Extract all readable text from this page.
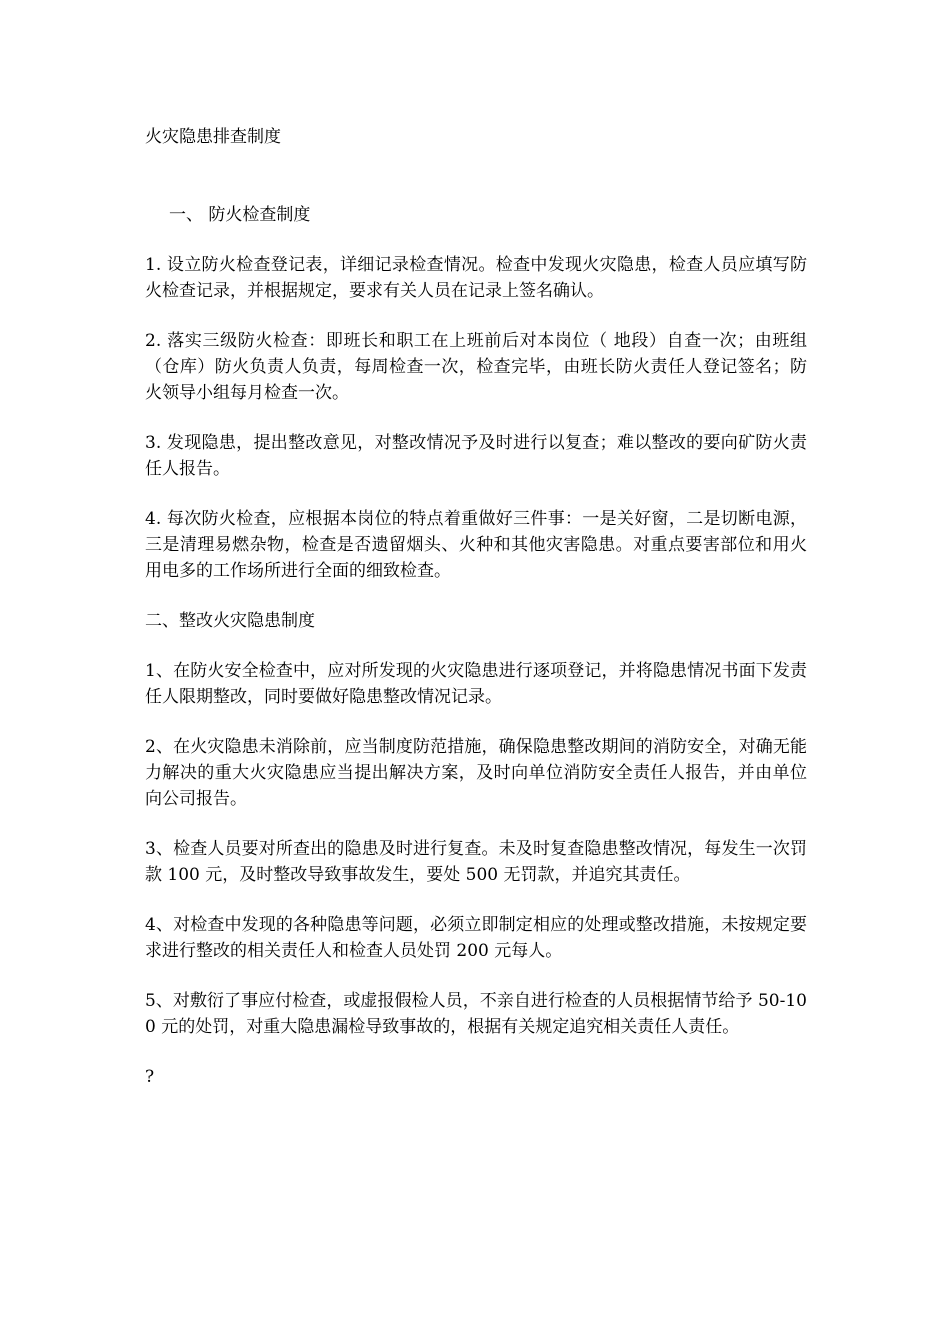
火灾隐患排查制度
一、 防火检查制度

1. 设立防火检查登记表，详细记录检查情况。检查中发现火灾隐患，检查人员应填写防火检查记录，并根据规定，要求有关人员在记录上签名确认。

2. 落实三级防火检查：即班长和职工在上班前后对本岗位（ 地段）自查一次；由班组（仓库）防火负责人负责，每周检查一次，检查完毕，由班长防火责任人登记签名；防火领导小组每月检查一次。

3. 发现隐患，提出整改意见，对整改情况予及时进行以复查；难以整改的要向矿防火责任人报告。

4. 每次防火检查，应根据本岗位的特点着重做好三件事：一是关好窗，二是切断电源，三是清理易燃杂物，检查是否遗留烟头、火种和其他灾害隐患。对重点要害部位和用火用电多的工作场所进行全面的细致检查。

二、整改火灾隐患制度

1、在防火安全检查中，应对所发现的火灾隐患进行逐项登记，并将隐患情况书面下发责任人限期整改，同时要做好隐患整改情况记录。

2、在火灾隐患未消除前，应当制度防范措施，确保隐患整改期间的消防安全，对确无能力解决的重大火灾隐患应当提出解决方案，及时向单位消防安全责任人报告，并由单位向公司报告。

3、检查人员要对所查出的隐患及时进行复查。未及时复查隐患整改情况，每发生一次罚款 100 元，及时整改导致事故发生，要处 500 无罚款，并追究其责任。

4、对检查中发现的各种隐患等问题，必须立即制定相应的处理或整改措施，未按规定要求进行整改的相关责任人和检查人员处罚 200 元每人。

5、对敷衍了事应付检查，或虚报假检人员，不亲自进行检查的人员根据情节给予 50-100 元的处罚，对重大隐患漏检导致事故的，根据有关规定追究相关责任人责任。

?
